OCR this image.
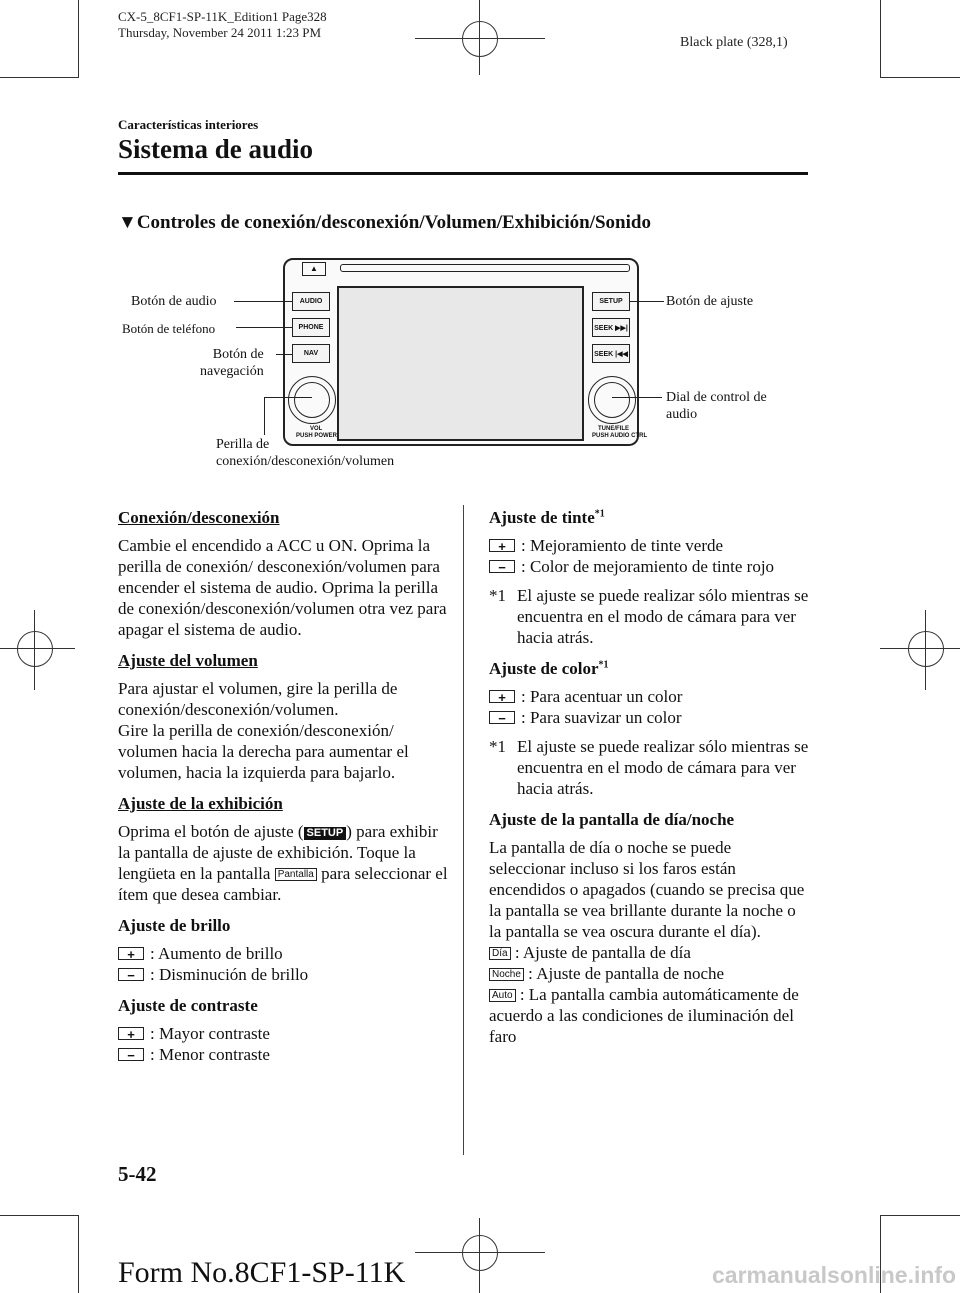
CX-5_8CF1-SP-11K_Edition1 Page328
Thursday, November 24 2011 1:23 PM
Black plate (328,1)
Características interiores
Sistema de audio
▼Controles de conexión/desconexión/Volumen/Exhibición/Sonido
▲
AUDIO
PHONE
NAV
SETUP
SEEK ▶▶|
SEEK |◀◀
VOL
PUSH POWER
TUNE/FILE
PUSH AUDIO CTRL
Botón de audio
Botón de teléfono
Botón de
navegación
Perilla de
conexión/desconexión/volumen
Botón de ajuste
Dial de control de
audio

Conexión/desconexión

Cambie el encendido a ACC u ON. Oprima la perilla de conexión/ desconexión/volumen para encender el sistema de audio. Oprima la perilla de conexión/desconexión/volumen otra vez para apagar el sistema de audio.

Ajuste del volumen

Para ajustar el volumen, gire la perilla de conexión/desconexión/volumen.

Gire la perilla de conexión/desconexión/ volumen hacia la derecha para aumentar el volumen, hacia la izquierda para bajarlo.

Ajuste de la exhibición

Oprima el botón de ajuste ( SETUP ) para exhibir la pantalla de ajuste de exhibición. Toque la lengüeta en la pantalla Pantalla para seleccionar el ítem que desea cambiar.

Ajuste de brillo

+ : Aumento de brillo

− : Disminución de brillo

Ajuste de contraste

+ : Mayor contraste

− : Menor contraste

Ajuste de tinte$^{*1}$

+ : Mejoramiento de tinte verde

− : Color de mejoramiento de tinte rojo

*1 El ajuste se puede realizar sólo mientras se encuentra en el modo de cámara para ver hacia atrás.

Ajuste de color$^{*1}$

+ : Para acentuar un color

− : Para suavizar un color

*1 El ajuste se puede realizar sólo mientras se encuentra en el modo de cámara para ver hacia atrás.

Ajuste de la pantalla de día/noche

La pantalla de día o noche se puede seleccionar incluso si los faros están encendidos o apagados (cuando se precisa que la pantalla se vea brillante durante la noche o la pantalla se vea oscura durante el día).

Día : Ajuste de pantalla de día

Noche : Ajuste de pantalla de noche

Auto : La pantalla cambia automáticamente de acuerdo a las condiciones de iluminación del faro

5-42
Form No.8CF1-SP-11K	carmanualsonline.info
